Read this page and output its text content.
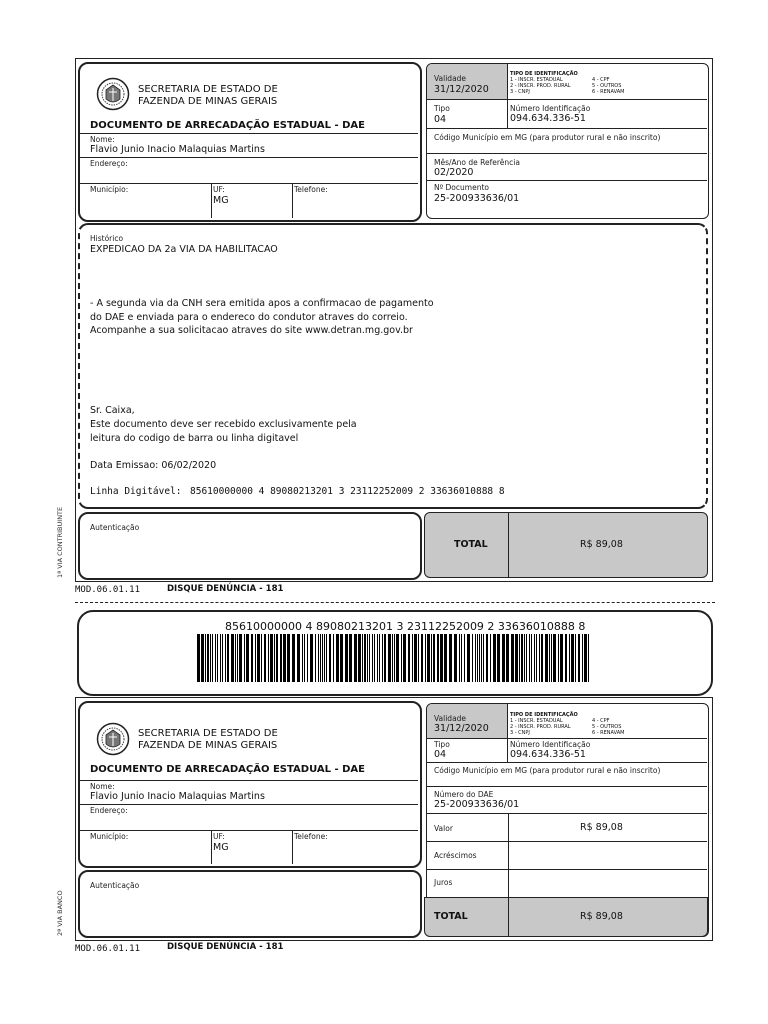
SECRETARIA DE ESTADO DE
FAZENDA DE MINAS GERAIS
DOCUMENTO DE ARRECADAÇÃO ESTADUAL - DAE
Nome:
Flavio Junio Inacio Malaquias Martins
Endereço:
Município:	UF:
MG
Telefone:
Validade
31/12/2020
TIPO DE IDENTIFICAÇÃO
1 - INSCR. ESTADUAL
2 - INSCR. PROD. RURAL
3 - CNPJ
4 - CPF
5 - OUTROS
6 - RENAVAM
Tipo
04
Número Identificação
094.634.336-51
Código Município em MG (para produtor rural e não inscrito)
Mês/Ano de Referência
02/2020
Nº Documento
25-200933636/01
Histórico
EXPEDICAO DA 2a VIA DA HABILITACAO
- A segunda via da CNH sera emitida apos a confirmacao de pagamento
do DAE e enviada para o endereco do condutor atraves do correio.
Acompanhe a sua solicitacao atraves do site www.detran.mg.gov.br
Sr. Caixa,
Este documento deve ser recebido exclusivamente pela
leitura do codigo de barra ou linha digitavel
Data Emissao: 06/02/2020
Linha Digitável: 85610000000 4 89080213201 3 23112252009 2 33636010888 8
Autenticação
TOTAL	R$ 89,08
1ª VIA CONTRIBUINTE
MOD.06.01.11	DISQUE DENÚNCIA - 181
85610000000 4 89080213201 3 23112252009 2 33636010888 8
SECRETARIA DE ESTADO DE
FAZENDA DE MINAS GERAIS
DOCUMENTO DE ARRECADAÇÃO ESTADUAL - DAE
Nome:
Flavio Junio Inacio Malaquias Martins
Endereço:
Município:	UF:
MG
Telefone:
Validade
31/12/2020
TIPO DE IDENTIFICAÇÃO
1 - INSCR. ESTADUAL
2 - INSCR. PROD. RURAL
3 - CNPJ
4 - CPF
5 - OUTROS
6 - RENAVAM
Tipo
04
Número Identificação
094.634.336-51
Código Município em MG (para produtor rural e não inscrito)
Número do DAE
25-200933636/01
Valor	R$ 89,08
Acréscimos
Juros
TOTAL	R$ 89,08
Autenticação
2ª VIA BANCO
MOD.06.01.11	DISQUE DENÚNCIA - 181
